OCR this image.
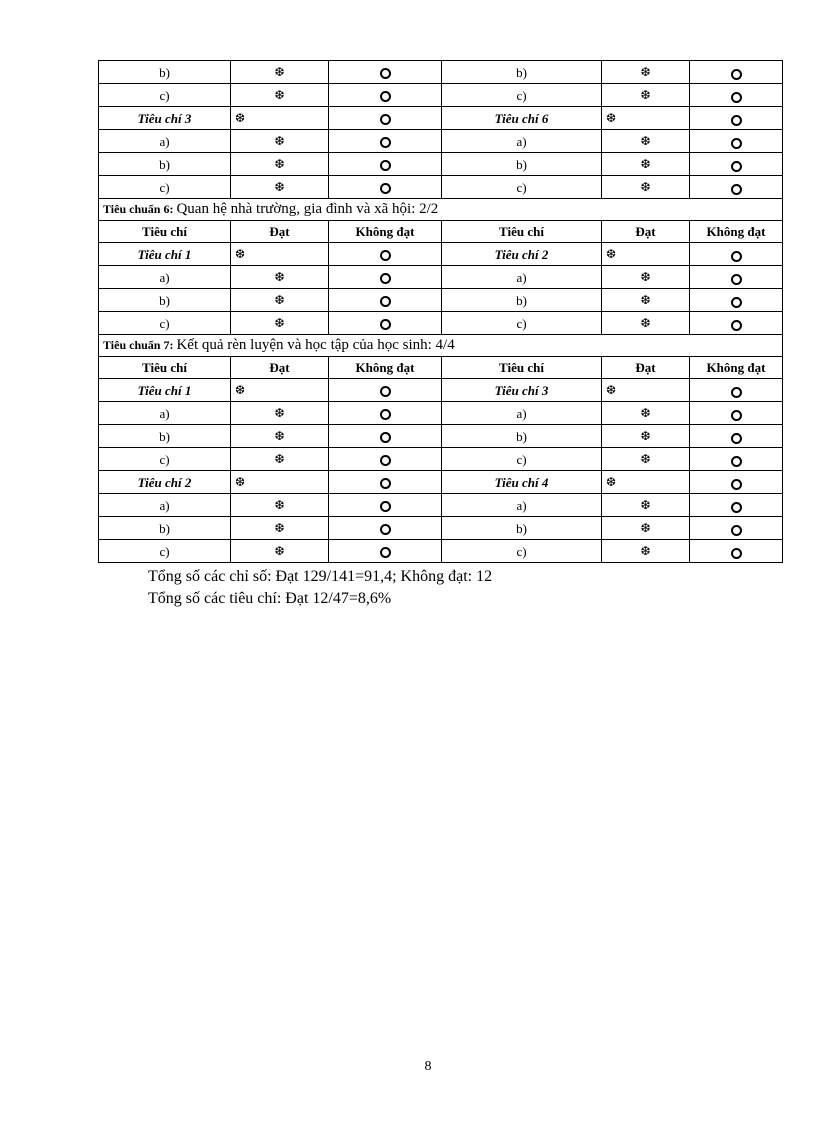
b)	❆		b)	❆	
c)	❆		c)	❆	
Tiêu chí 3	❆		Tiêu chí 6	❆	
a)	❆		a)	❆	
b)	❆		b)	❆	
c)	❆		c)	❆	
Tiêu chuẩn 6: Quan hệ nhà trường, gia đình và xã hội: 2/2					
Tiêu chí	Đạt	Không đạt	Tiêu chí	Đạt	Không đạt
Tiêu chí 1	❆		Tiêu chí 2	❆	
a)	❆		a)	❆	
b)	❆		b)	❆	
c)	❆		c)	❆	
Tiêu chuẩn 7: Kết quả rèn luyện và học tập của học sinh: 4/4					
Tiêu chí	Đạt	Không đạt	Tiêu chí	Đạt	Không đạt
Tiêu chí 1	❆		Tiêu chí 3	❆	
a)	❆		a)	❆	
b)	❆		b)	❆	
c)	❆		c)	❆	
Tiêu chí 2	❆		Tiêu chí 4	❆	
a)	❆		a)	❆	
b)	❆		b)	❆	
c)	❆		c)	❆	
Tổng số các chỉ số: Đạt 129/141=91,4; Không đạt: 12
Tổng số các tiêu chí: Đạt 12/47=8,6%
8
